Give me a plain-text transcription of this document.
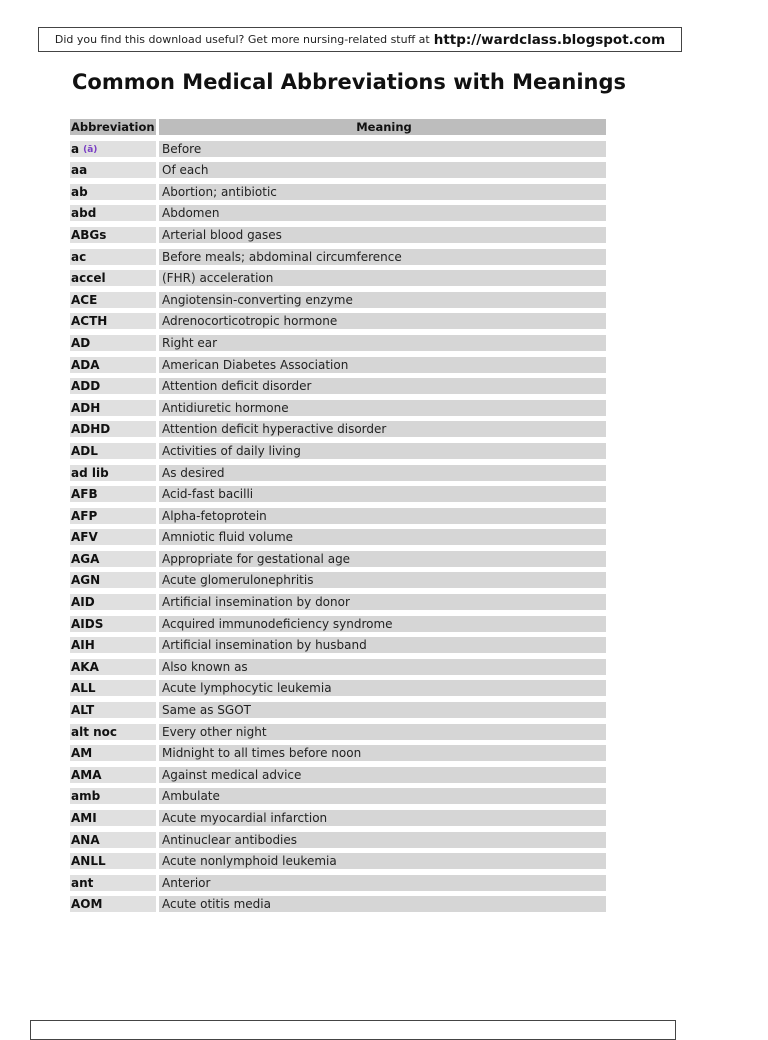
Did you find this download useful? Get more nursing-related stuff at http://wardclass.blogspot.com
Common Medical Abbreviations with Meanings
Abbreviation	Meaning
a (ā)	Before
aa	Of each
ab	Abortion; antibiotic
abd	Abdomen
ABGs	Arterial blood gases
ac	Before meals; abdominal circumference
accel	(FHR) acceleration
ACE	Angiotensin-converting enzyme
ACTH	Adrenocorticotropic hormone
AD	Right ear
ADA	American Diabetes Association
ADD	Attention deficit disorder
ADH	Antidiuretic hormone
ADHD	Attention deficit hyperactive disorder
ADL	Activities of daily living
ad lib	As desired
AFB	Acid-fast bacilli
AFP	Alpha-fetoprotein
AFV	Amniotic fluid volume
AGA	Appropriate for gestational age
AGN	Acute glomerulonephritis
AID	Artificial insemination by donor
AIDS	Acquired immunodeficiency syndrome
AIH	Artificial insemination by husband
AKA	Also known as
ALL	Acute lymphocytic leukemia
ALT	Same as SGOT
alt noc	Every other night
AM	Midnight to all times before noon
AMA	Against medical advice
amb	Ambulate
AMI	Acute myocardial infarction
ANA	Antinuclear antibodies
ANLL	Acute nonlymphoid leukemia
ant	Anterior
AOM	Acute otitis media
